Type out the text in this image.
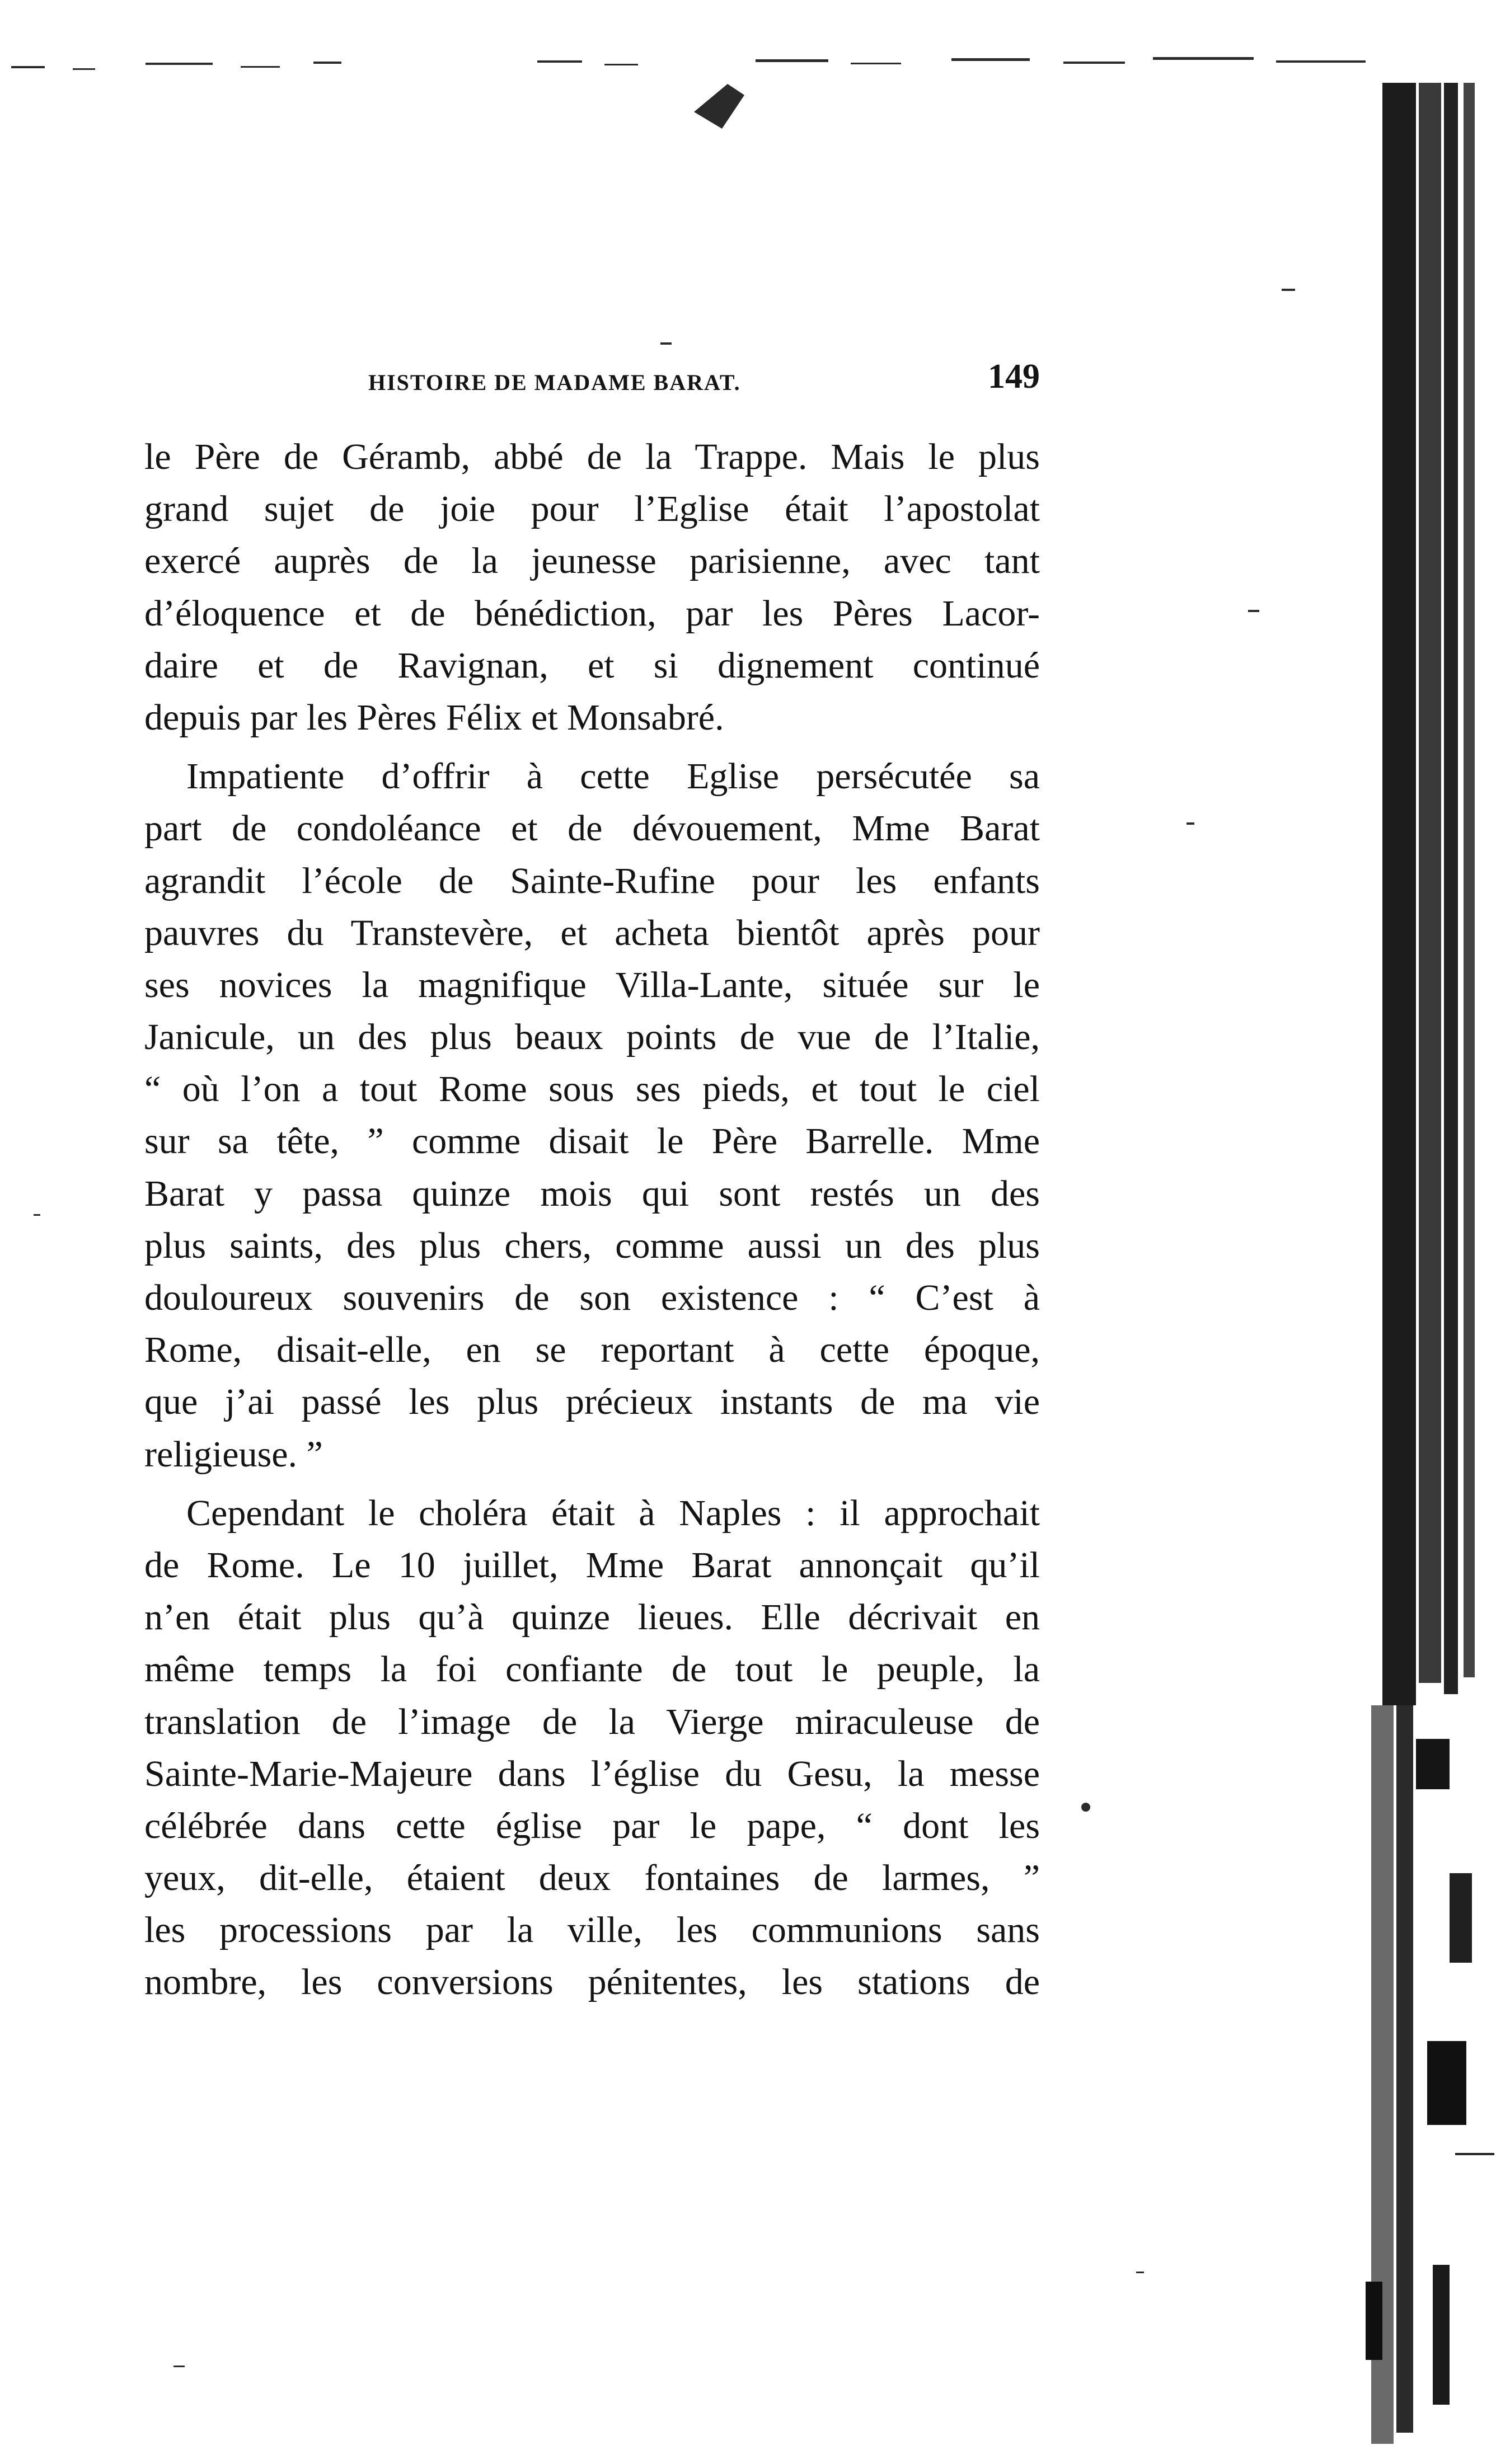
HISTOIRE DE MADAME BARAT.	149
le Père de Géramb, abbé de la Trappe. Mais le plus
grand sujet de joie pour l’Eglise était l’apostolat
exercé auprès de la jeunesse parisienne, avec tant
d’éloquence et de bénédiction, par les Pères Lacor-
daire et de Ravignan, et si dignement continué
depuis par les Pères Félix et Monsabré.
Impatiente d’offrir à cette Eglise persécutée sa
part de condoléance et de dévouement, Mme Barat
agrandit l’école de Sainte-Rufine pour les enfants
pauvres du Transtevère, et acheta bientôt après pour
ses novices la magnifique Villa-Lante, située sur le
Janicule, un des plus beaux points de vue de l’Italie,
“ où l’on a tout Rome sous ses pieds, et tout le ciel
sur sa tête, ” comme disait le Père Barrelle. Mme
Barat y passa quinze mois qui sont restés un des
plus saints, des plus chers, comme aussi un des plus
douloureux souvenirs de son existence : “ C’est à
Rome, disait-elle, en se reportant à cette époque,
que j’ai passé les plus précieux instants de ma vie
religieuse. ”
Cependant le choléra était à Naples : il approchait
de Rome. Le 10 juillet, Mme Barat annonçait qu’il
n’en était plus qu’à quinze lieues. Elle décrivait en
même temps la foi confiante de tout le peuple, la
translation de l’image de la Vierge miraculeuse de
Sainte-Marie-Majeure dans l’église du Gesu, la messe
célébrée dans cette église par le pape, “ dont les
yeux, dit-elle, étaient deux fontaines de larmes, ”
les processions par la ville, les communions sans
nombre, les conversions pénitentes, les stations de
